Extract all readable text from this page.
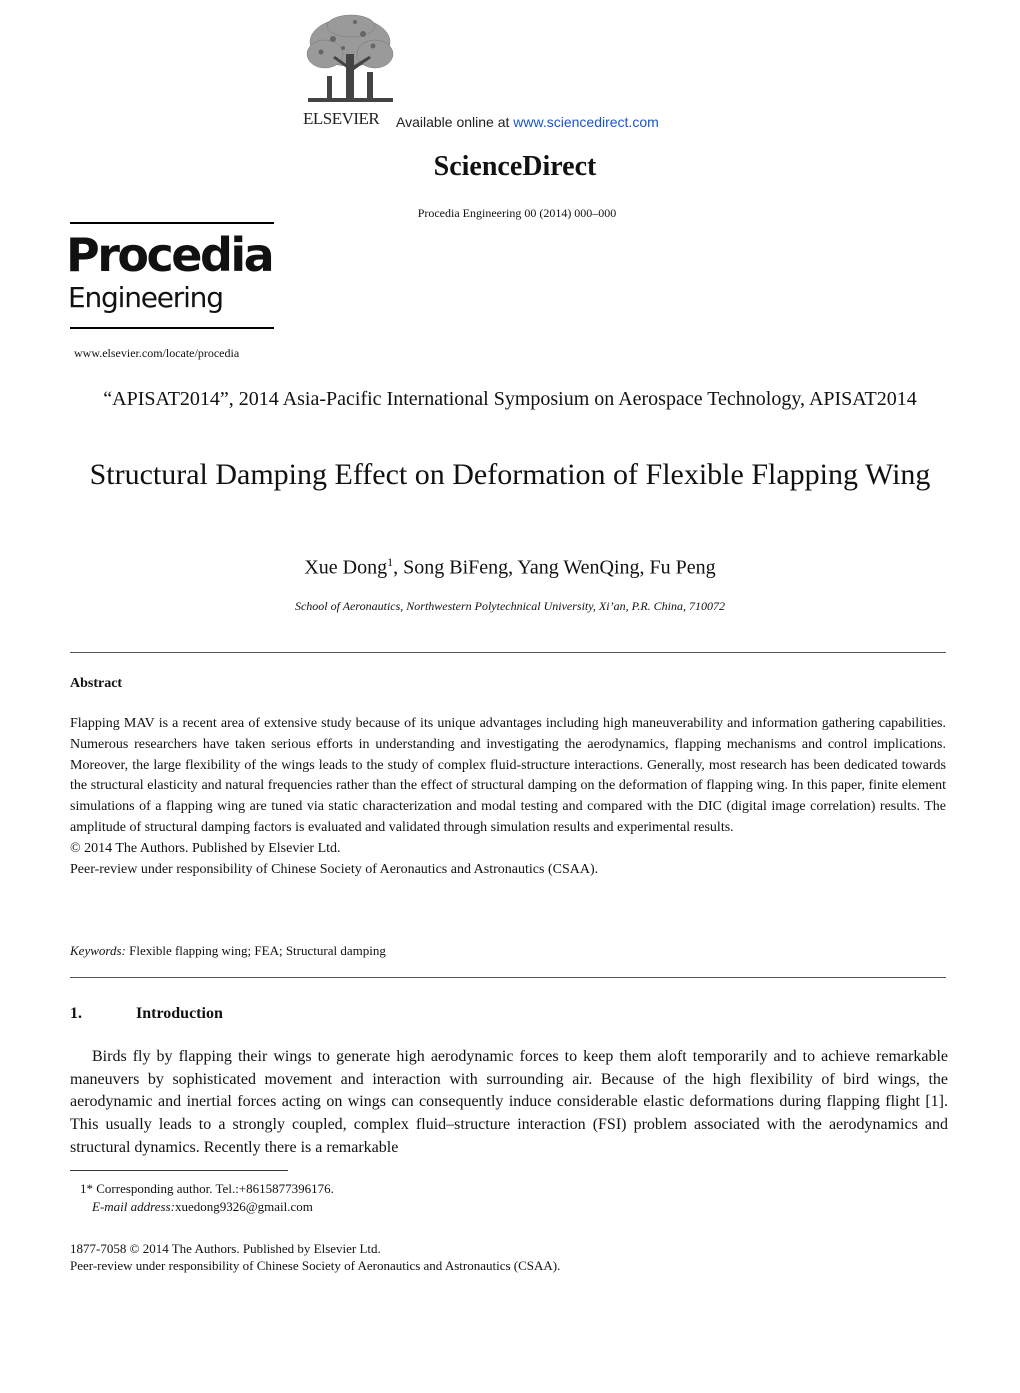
ELSEVIER Available online at www.sciencedirect.com
ScienceDirect
Procedia Engineering 00 (2014) 000–000
Procedia
Engineering
www.elsevier.com/locate/procedia
“APISAT2014”, 2014 Asia-Pacific International Symposium on Aerospace Technology, APISAT2014
Structural Damping Effect on Deformation of Flexible Flapping Wing
Xue Dong$^1$, Song BiFeng, Yang WenQing, Fu Peng
School of Aeronautics, Northwestern Polytechnical University, Xi’an, P.R. China, 710072
Abstract

Flapping MAV is a recent area of extensive study because of its unique advantages including high maneuverability and information gathering capabilities. Numerous researchers have taken serious efforts in understanding and investigating the aerodynamics, flapping mechanisms and control implications. Moreover, the large flexibility of the wings leads to the study of complex fluid-structure interactions. Generally, most research has been dedicated towards the structural elasticity and natural frequencies rather than the effect of structural damping on the deformation of flapping wing. In this paper, finite element simulations of a flapping wing are tuned via static characterization and modal testing and compared with the DIC (digital image correlation) results. The amplitude of structural damping factors is evaluated and validated through simulation results and experimental results.

© 2014 The Authors. Published by Elsevier Ltd.

Peer-review under responsibility of Chinese Society of Aeronautics and Astronautics (CSAA).

Keywords: Flexible flapping wing; FEA; Structural damping
1.	Introduction

Birds fly by flapping their wings to generate high aerodynamic forces to keep them aloft temporarily and to achieve remarkable maneuvers by sophisticated movement and interaction with surrounding air. Because of the high flexibility of bird wings, the aerodynamic and inertial forces acting on wings can consequently induce considerable elastic deformations during flapping flight [1]. This usually leads to a strongly coupled, complex fluid–structure interaction (FSI) problem associated with the aerodynamics and structural dynamics. Recently there is a remarkable

1* Corresponding author. Tel.:+8615877396176.
E-mail address:xuedong9326@gmail.com
1877-7058 © 2014 The Authors. Published by Elsevier Ltd.
Peer-review under responsibility of Chinese Society of Aeronautics and Astronautics (CSAA).
